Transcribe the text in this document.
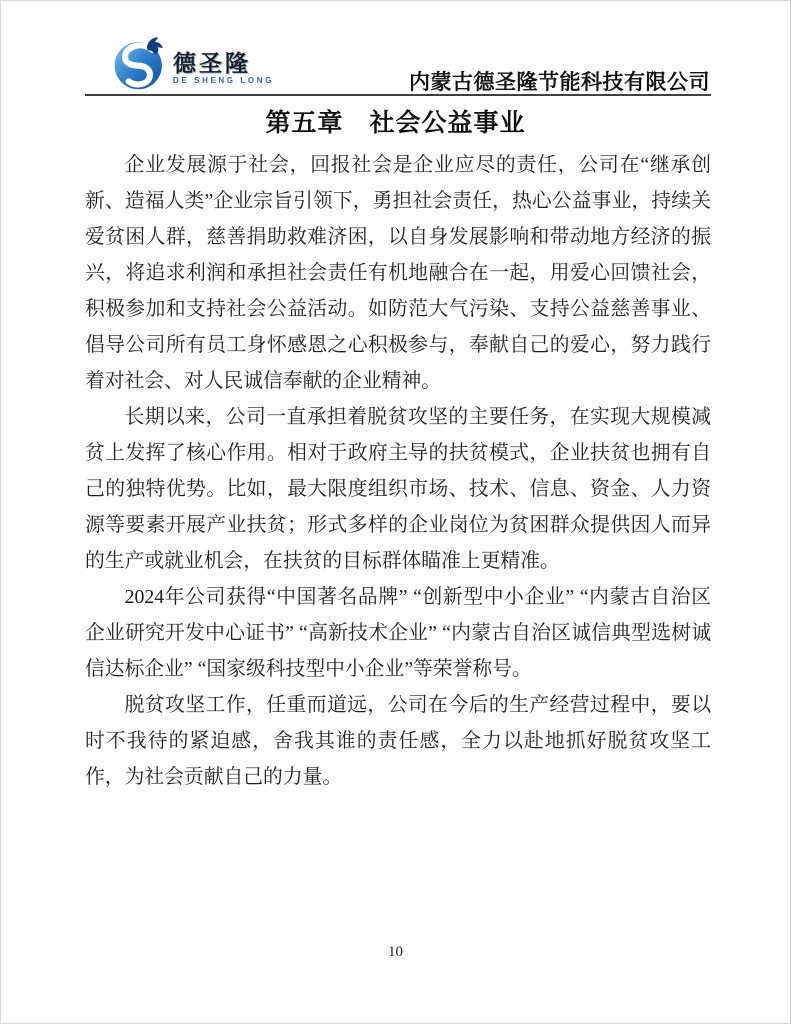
德圣隆
DE SHENG LONG	内蒙古德圣隆节能科技有限公司
第五章　社会公益事业

企业发展源于社会，回报社会是企业应尽的责任，公司在“继承创新、造福人类”企业宗旨引领下，勇担社会责任，热心公益事业，持续关爱贫困人群，慈善捐助救难济困，以自身发展影响和带动地方经济的振兴，将追求利润和承担社会责任有机地融合在一起，用爱心回馈社会，积极参加和支持社会公益活动。如防范大气污染、支持公益慈善事业、倡导公司所有员工身怀感恩之心积极参与，奉献自己的爱心，努力践行着对社会、对人民诚信奉献的企业精神。

长期以来，公司一直承担着脱贫攻坚的主要任务，在实现大规模减贫上发挥了核心作用。相对于政府主导的扶贫模式，企业扶贫也拥有自己的独特优势。比如，最大限度组织市场、技术、信息、资金、人力资源等要素开展产业扶贫；形式多样的企业岗位为贫困群众提供因人而异的生产或就业机会，在扶贫的目标群体瞄准上更精准。

2024年公司获得“中国著名品牌” “创新型中小企业” “内蒙古自治区企业研究开发中心证书” “高新技术企业” “内蒙古自治区诚信典型选树诚信达标企业” “国家级科技型中小企业”等荣誉称号。

脱贫攻坚工作，任重而道远，公司在今后的生产经营过程中，要以时不我待的紧迫感，舍我其谁的责任感，全力以赴地抓好脱贫攻坚工作，为社会贡献自己的力量。

10
